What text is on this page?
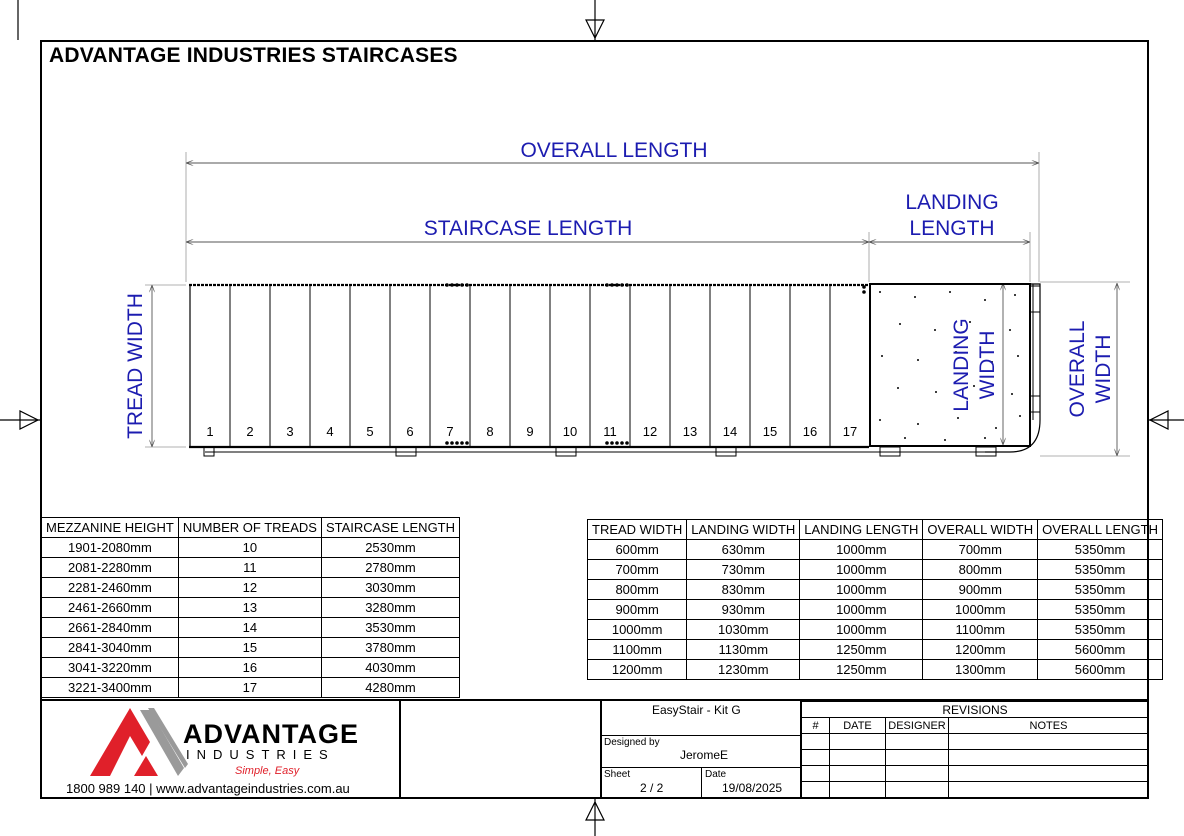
ADVANTAGE INDUSTRIES STAIRCASES
OVERALL LENGTH
STAIRCASE LENGTH
LANDING
LENGTH
TREAD WIDTH	LANDING WIDTH	OVERALL WIDTH
1	2	3	4	5	6	7	8	9	10	11	12	13	14	15	16	17
MEZZANINE HEIGHT	NUMBER OF TREADS	STAIRCASE LENGTH
1901-2080mm	10	2530mm
2081-2280mm	11	2780mm
2281-2460mm	12	3030mm
2461-2660mm	13	3280mm
2661-2840mm	14	3530mm
2841-3040mm	15	3780mm
3041-3220mm	16	4030mm
3221-3400mm	17	4280mm
TREAD WIDTH	LANDING WIDTH	LANDING LENGTH	OVERALL WIDTH	OVERALL LENGTH
600mm	630mm	1000mm	700mm	5350mm
700mm	730mm	1000mm	800mm	5350mm
800mm	830mm	1000mm	900mm	5350mm
900mm	930mm	1000mm	1000mm	5350mm
1000mm	1030mm	1000mm	1100mm	5350mm
1100mm	1130mm	1250mm	1200mm	5600mm
1200mm	1230mm	1250mm	1300mm	5600mm
ADVANTAGE
INDUSTRIES
Simple, Easy
1800 989 140 | www.advantageindustries.com.au
EasyStair - Kit G
Designed by
JeromeE
Sheet
2 / 2
Date
19/08/2025
REVISIONS			
#	DATE	DESIGNER	NOTES
